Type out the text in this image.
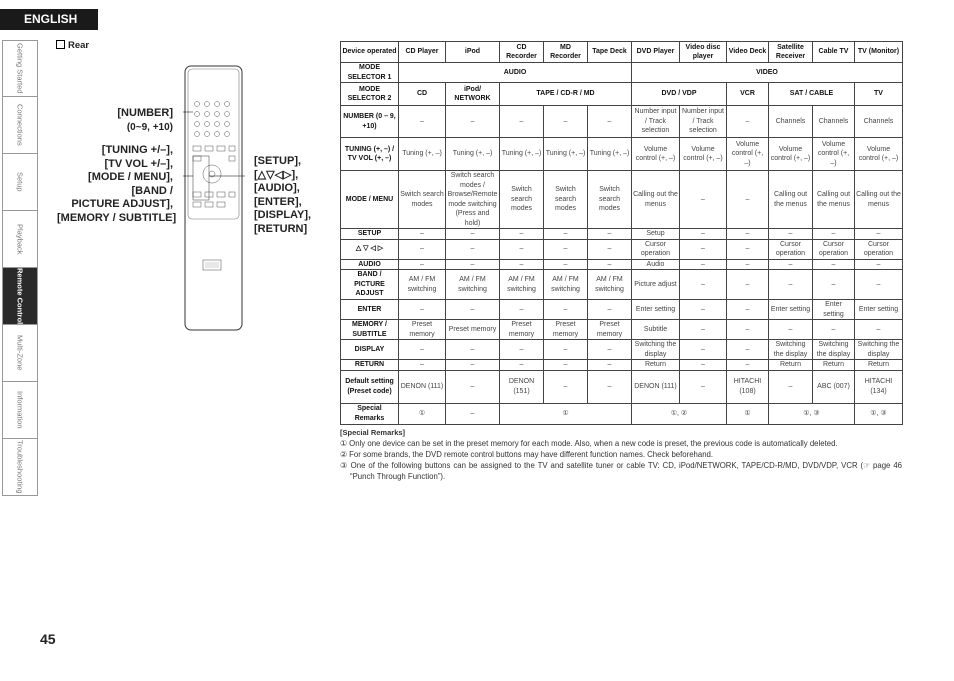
ENGLISH
Getting Started
Connections
Setup
Playback
Remote Control
Multi-Zone
Information
Troubleshooting
Rear
[NUMBER]
(0~9, +10)
[TUNING +/–],
[TV VOL +/–],
[MODE / MENU],
[BAND /
PICTURE ADJUST],
[MEMORY / SUBTITLE]
[SETUP],
[△▽◁▷],
[AUDIO],
[ENTER],
[DISPLAY],
[RETURN]
Device operated	CD Player	iPod	CD Recorder	MD Recorder	Tape Deck	DVD Player	Video disc player	Video Deck	Satellite Receiver	Cable TV	TV (Monitor)
MODE SELECTOR 1	AUDIO					VIDEO					
MODE SELECTOR 2	CD	iPod/ NETWORK	TAPE / CD-R / MD			DVD / VDP		VCR	SAT / CABLE		TV
NUMBER (0 – 9, +10)	–	–	–	–	–	Number input / Track selection	Number input / Track selection	–	Channels	Channels	Channels
TUNING (+, –) / TV VOL (+, –)	Tuning (+, –)	Tuning (+, –)	Tuning (+, –)	Tuning (+, –)	Tuning (+, –)	Volume control (+, –)	Volume control (+, –)	Volume control (+, –)	Volume control (+, –)	Volume control (+, –)	Volume control (+, –)
MODE / MENU	Switch search modes	Switch search modes / Browse/Remote mode switching (Press and hold)	Switch search modes	Switch search modes	Switch search modes	Calling out the menus	–	–	Calling out the menus	Calling out the menus	Calling out the menus
SETUP	–	–	–	–	–	Setup	–	–	–	–	–
△ ▽ ◁ ▷	–	–	–	–	–	Cursor operation	–	–	Cursor operation	Cursor operation	Cursor operation
AUDIO	–	–	–	–	–	Audio	–	–	–	–	–
BAND / PICTURE ADJUST	AM / FM switching	AM / FM switching	AM / FM switching	AM / FM switching	AM / FM switching	Picture adjust	–	–	–	–	–
ENTER	–	–	–	–	–	Enter setting	–	–	Enter setting	Enter setting	Enter setting
MEMORY / SUBTITLE	Preset memory	Preset memory	Preset memory	Preset memory	Preset memory	Subtitle	–	–	–	–	–
DISPLAY	–	–	–	–	–	Switching the display	–	–	Switching the display	Switching the display	Switching the display
RETURN	–	–	–	–	–	Return	–	–	Return	Return	Return
Default setting (Preset code)	DENON (111)	–	DENON (151)	–	–	DENON (111)	–	HITACHI (108)	–	ABC (007)	HITACHI (134)
Special Remarks	①	–	①			①, ②		①	①, ③		①, ③
[Special Remarks]
① Only one device can be set in the preset memory for each mode. Also, when a new code is preset, the previous code is automatically deleted.
② For some brands, the DVD remote control buttons may have different function names. Check beforehand.
③ One of the following buttons can be assigned to the TV and satellite tuner or cable TV: CD, iPod/NETWORK, TAPE/CD-R/MD, DVD/VDP, VCR (☞ page 46 “Punch Through Function”).
45
